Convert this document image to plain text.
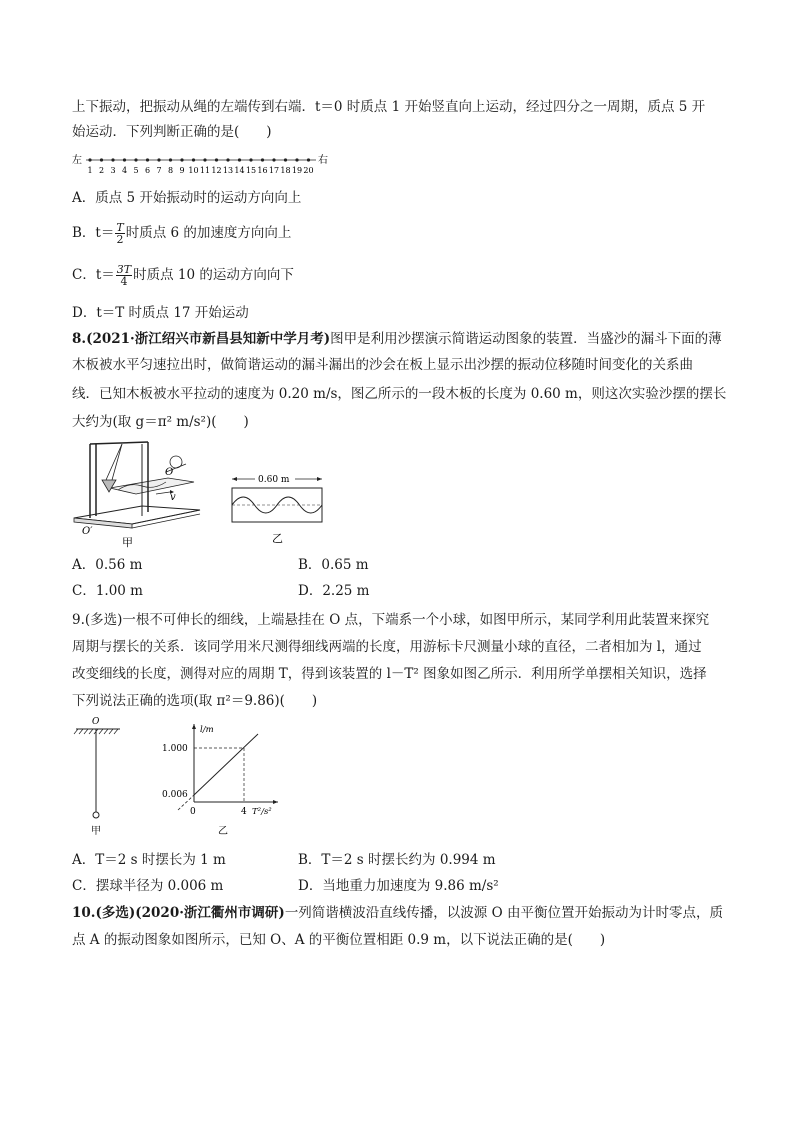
上下振动，把振动从绳的左端传到右端．t＝0 时质点 1 开始竖直向上运动，经过四分之一周期，质点 5 开
始运动．下列判断正确的是(　　)
左	右
1 2 3 4 5 6 7 8 9 10 11 12 13 14 15 16 17 18 19 20
A．质点 5 开始振动时的运动方向向上
B．$t= \frac{T}{2}$ 时质点 6 的加速度方向向上
C．$t= \frac{3T}{4}$ 时质点 10 的运动方向向下
D．t＝T 时质点 17 开始运动
8.(2021·浙江绍兴市新昌县知新中学月考)图甲是利用沙摆演示简谐运动图象的装置．当盛沙的漏斗下面的薄
木板被水平匀速拉出时，做简谐运动的漏斗漏出的沙会在板上显示出沙摆的振动位移随时间变化的关系曲
线．已知木板被水平拉动的速度为 0.20 m/s，图乙所示的一段木板的长度为 0.60 m，则这次实验沙摆的摆长
大约为(取 g＝π² m/s²)(　　)
O
v
O′
甲
0.60 m
乙
A．0.56 m	B．0.65 m
C．1.00 m	D．2.25 m
9.(多选)一根不可伸长的细线，上端悬挂在 O 点，下端系一个小球，如图甲所示，某同学利用此装置来探究
周期与摆长的关系．该同学用米尺测得细线两端的长度，用游标卡尺测量小球的直径，二者相加为 l，通过
改变细线的长度，测得对应的周期 T，得到该装置的 l－T² 图象如图乙所示．利用所学单摆相关知识，选择
下列说法正确的选项(取 π²＝9.86)(　　)
O
甲
l/m
1.000
0.006
0	4 T²/s²
乙
A．T＝2 s 时摆长为 1 m	B．T＝2 s 时摆长约为 0.994 m
C．摆球半径为 0.006 m	D．当地重力加速度为 9.86 m/s²
10.(多选)(2020·浙江衢州市调研)一列简谐横波沿直线传播，以波源 O 由平衡位置开始振动为计时零点，质
点 A 的振动图象如图所示，已知 O、A 的平衡位置相距 0.9 m，以下说法正确的是(　　)
